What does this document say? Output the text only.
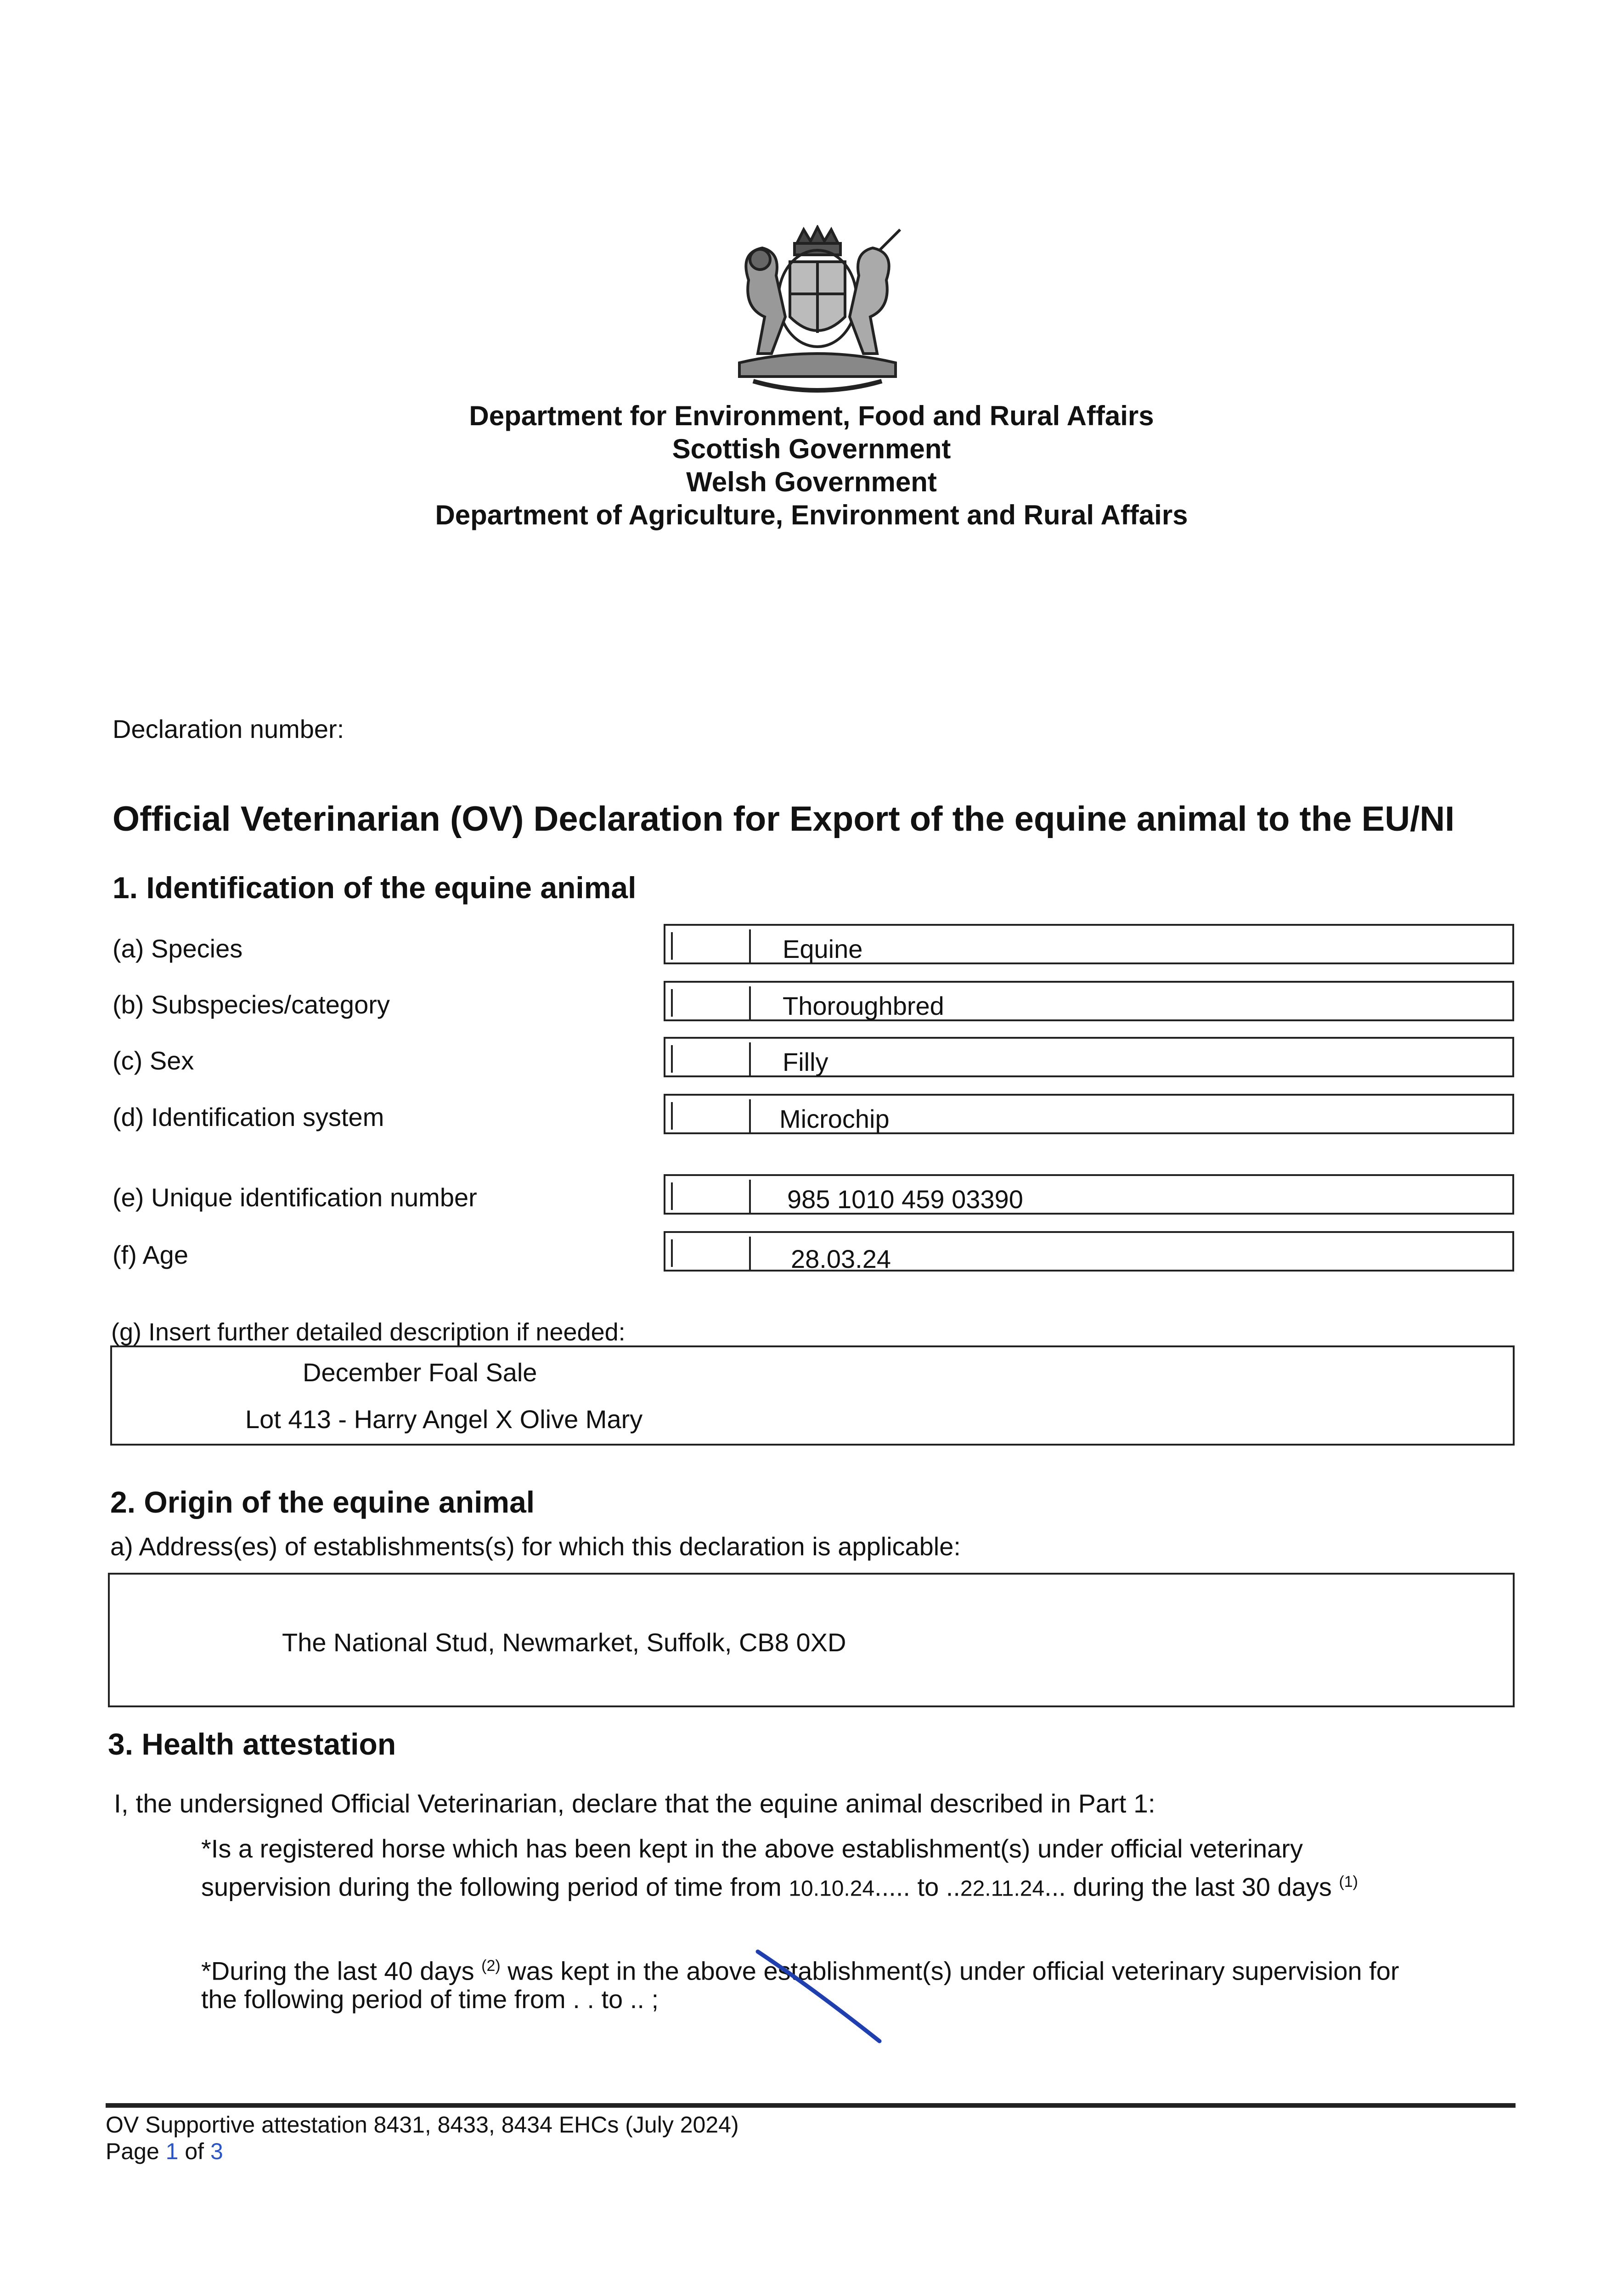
Department for Environment, Food and Rural Affairs
Scottish Government
Welsh Government
Department of Agriculture, Environment and Rural Affairs
Declaration number:
Official Veterinarian (OV) Declaration for Export of the equine animal to the EU/NI
1. Identification of the equine animal
(a) Species	Equine
(b) Subspecies/category	Thoroughbred
(c) Sex	Filly
(d) Identification system	Microchip
(e) Unique identification number	985 1010 459 03390
(f) Age	28.03.24
(g) Insert further detailed description if needed:
December Foal Sale
Lot 413 - Harry Angel X Olive Mary
2. Origin of the equine animal
a) Address(es) of establishments(s) for which this declaration is applicable:
The National Stud, Newmarket, Suffolk, CB8 0XD
3. Health attestation
I, the undersigned Official Veterinarian, declare that the equine animal described in Part 1:
*Is a registered horse which has been kept in the above establishment(s) under official veterinary
supervision during the following period of time from 10.10.24..... to ..22.11.24... during the last 30 days $^{(1)}$
*During the last 40 days $^{(2)}$ was kept in the above establishment(s) under official veterinary supervision for
the following period of time from . . to .. ;
OV Supportive attestation 8431, 8433, 8434 EHCs (July 2024)
Page 1 of 3
